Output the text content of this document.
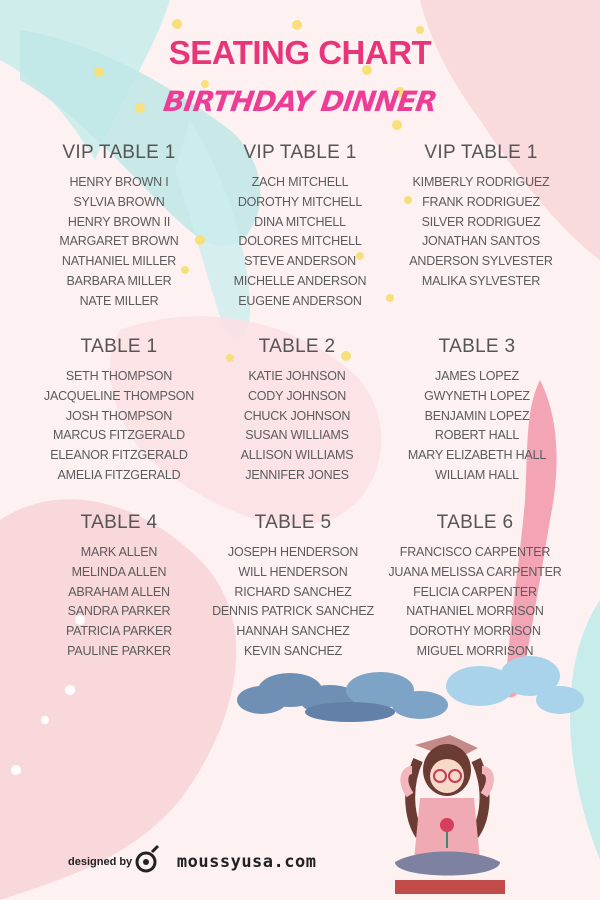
SEATING CHART
BIRTHDAY DINNER
VIP TABLE 1
HENRY BROWN I
SYLVIA BROWN
HENRY BROWN II
MARGARET BROWN
NATHANIEL MILLER
BARBARA MILLER
NATE MILLER
VIP TABLE 1
ZACH MITCHELL
DOROTHY MITCHELL
DINA MITCHELL
DOLORES MITCHELL
STEVE ANDERSON
MICHELLE ANDERSON
EUGENE ANDERSON
VIP TABLE 1
KIMBERLY RODRIGUEZ
FRANK RODRIGUEZ
SILVER RODRIGUEZ
JONATHAN SANTOS
ANDERSON SYLVESTER
MALIKA SYLVESTER
TABLE 1
SETH THOMPSON
JACQUELINE THOMPSON
JOSH THOMPSON
MARCUS FITZGERALD
ELEANOR FITZGERALD
AMELIA FITZGERALD
TABLE 2
KATIE JOHNSON
CODY JOHNSON
CHUCK JOHNSON
SUSAN WILLIAMS
ALLISON WILLIAMS
JENNIFER JONES
TABLE 3
JAMES LOPEZ
GWYNETH LOPEZ
BENJAMIN LOPEZ
ROBERT HALL
MARY ELIZABETH HALL
WILLIAM HALL
TABLE 4
MARK ALLEN
MELINDA ALLEN
ABRAHAM ALLEN
SANDRA PARKER
PATRICIA PARKER
PAULINE PARKER
TABLE 5
JOSEPH HENDERSON
WILL HENDERSON
RICHARD SANCHEZ
DENNIS PATRICK SANCHEZ
HANNAH SANCHEZ
KEVIN SANCHEZ
TABLE 6
FRANCISCO CARPENTER
JUANA MELISSA CARPENTER
FELICIA CARPENTER
NATHANIEL MORRISON
DOROTHY MORRISON
MIGUEL MORRISON
designed by : moussyusa.com
